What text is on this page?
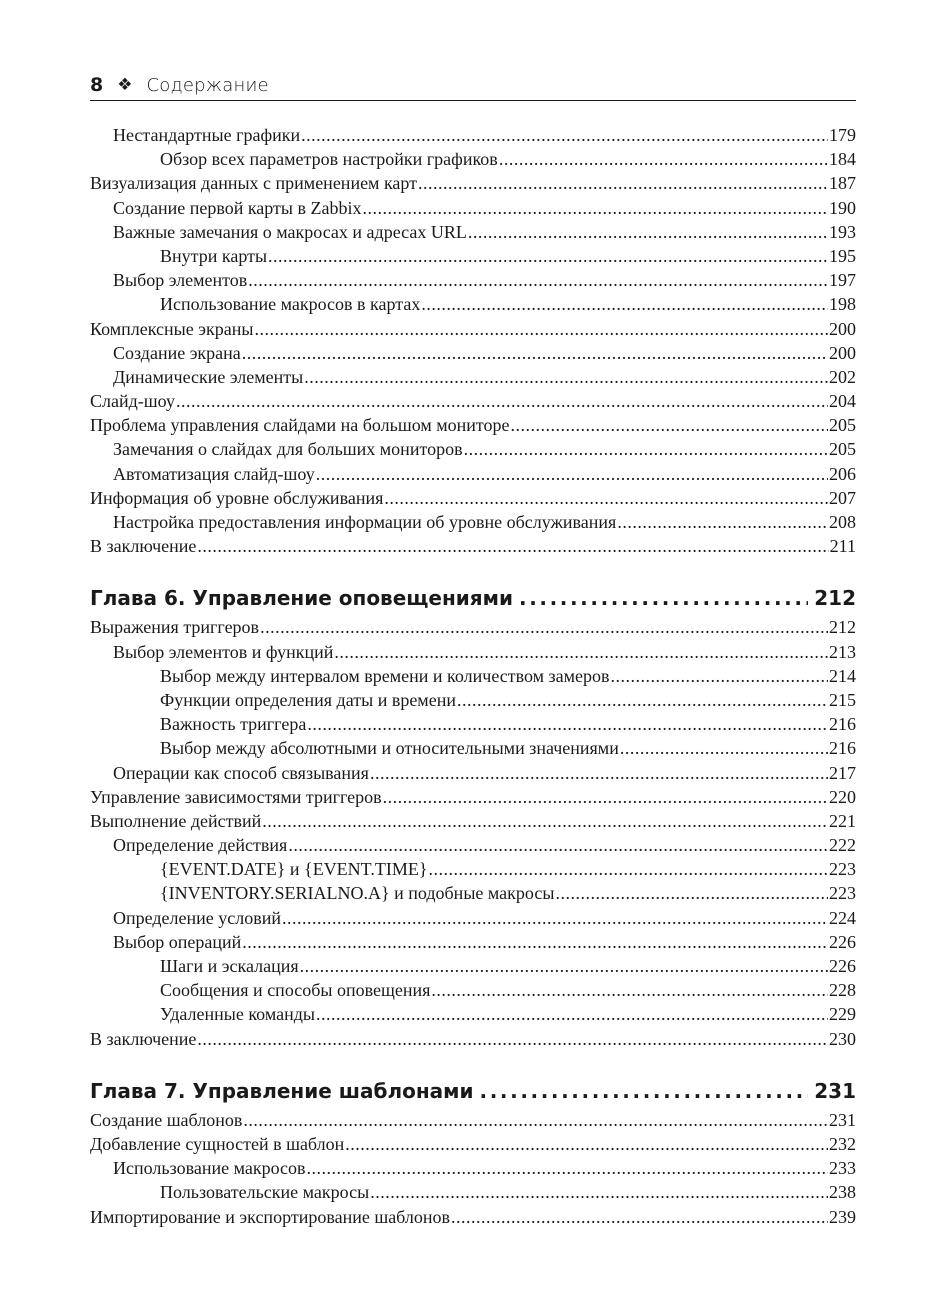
8 ❖ Содержание
Нестандартные графики .....	179
Обзор всех параметров настройки графиков .....	184
Визуализация данных с применением карт .....	187
Создание первой карты в Zabbix .....	190
Важные замечания о макросах и адресах URL .....	193
Внутри карты .....	195
Выбор элементов .....	197
Использование макросов в картах .....	198
Комплексные экраны .....	200
Создание экрана .....	200
Динамические элементы .....	202
Слайд-шоу .....	204
Проблема управления слайдами на большом мониторе .....	205
Замечания о слайдах для больших мониторов .....	205
Автоматизация слайд-шоу .....	206
Информация об уровне обслуживания .....	207
Настройка предоставления информации об уровне обслуживания .....	208
В заключение .....	211
Глава 6. Управление оповещениями .....	212
Выражения триггеров .....	212
Выбор элементов и функций .....	213
Выбор между интервалом времени и количеством замеров .....	214
Функции определения даты и времени .....	215
Важность триггера .....	216
Выбор между абсолютными и относительными значениями .....	216
Операции как способ связывания .....	217
Управление зависимостями триггеров .....	220
Выполнение действий .....	221
Определение действия .....	222
{EVENT.DATE} и {EVENT.TIME} .....	223
{INVENTORY.SERIALNO.A} и подобные макросы .....	223
Определение условий .....	224
Выбор операций .....	226
Шаги и эскалация .....	226
Сообщения и способы оповещения .....	228
Удаленные команды .....	229
В заключение .....	230
Глава 7. Управление шаблонами .....	231
Создание шаблонов .....	231
Добавление сущностей в шаблон .....	232
Использование макросов .....	233
Пользовательские макросы .....	238
Импортирование и экспортирование шаблонов .....	239
